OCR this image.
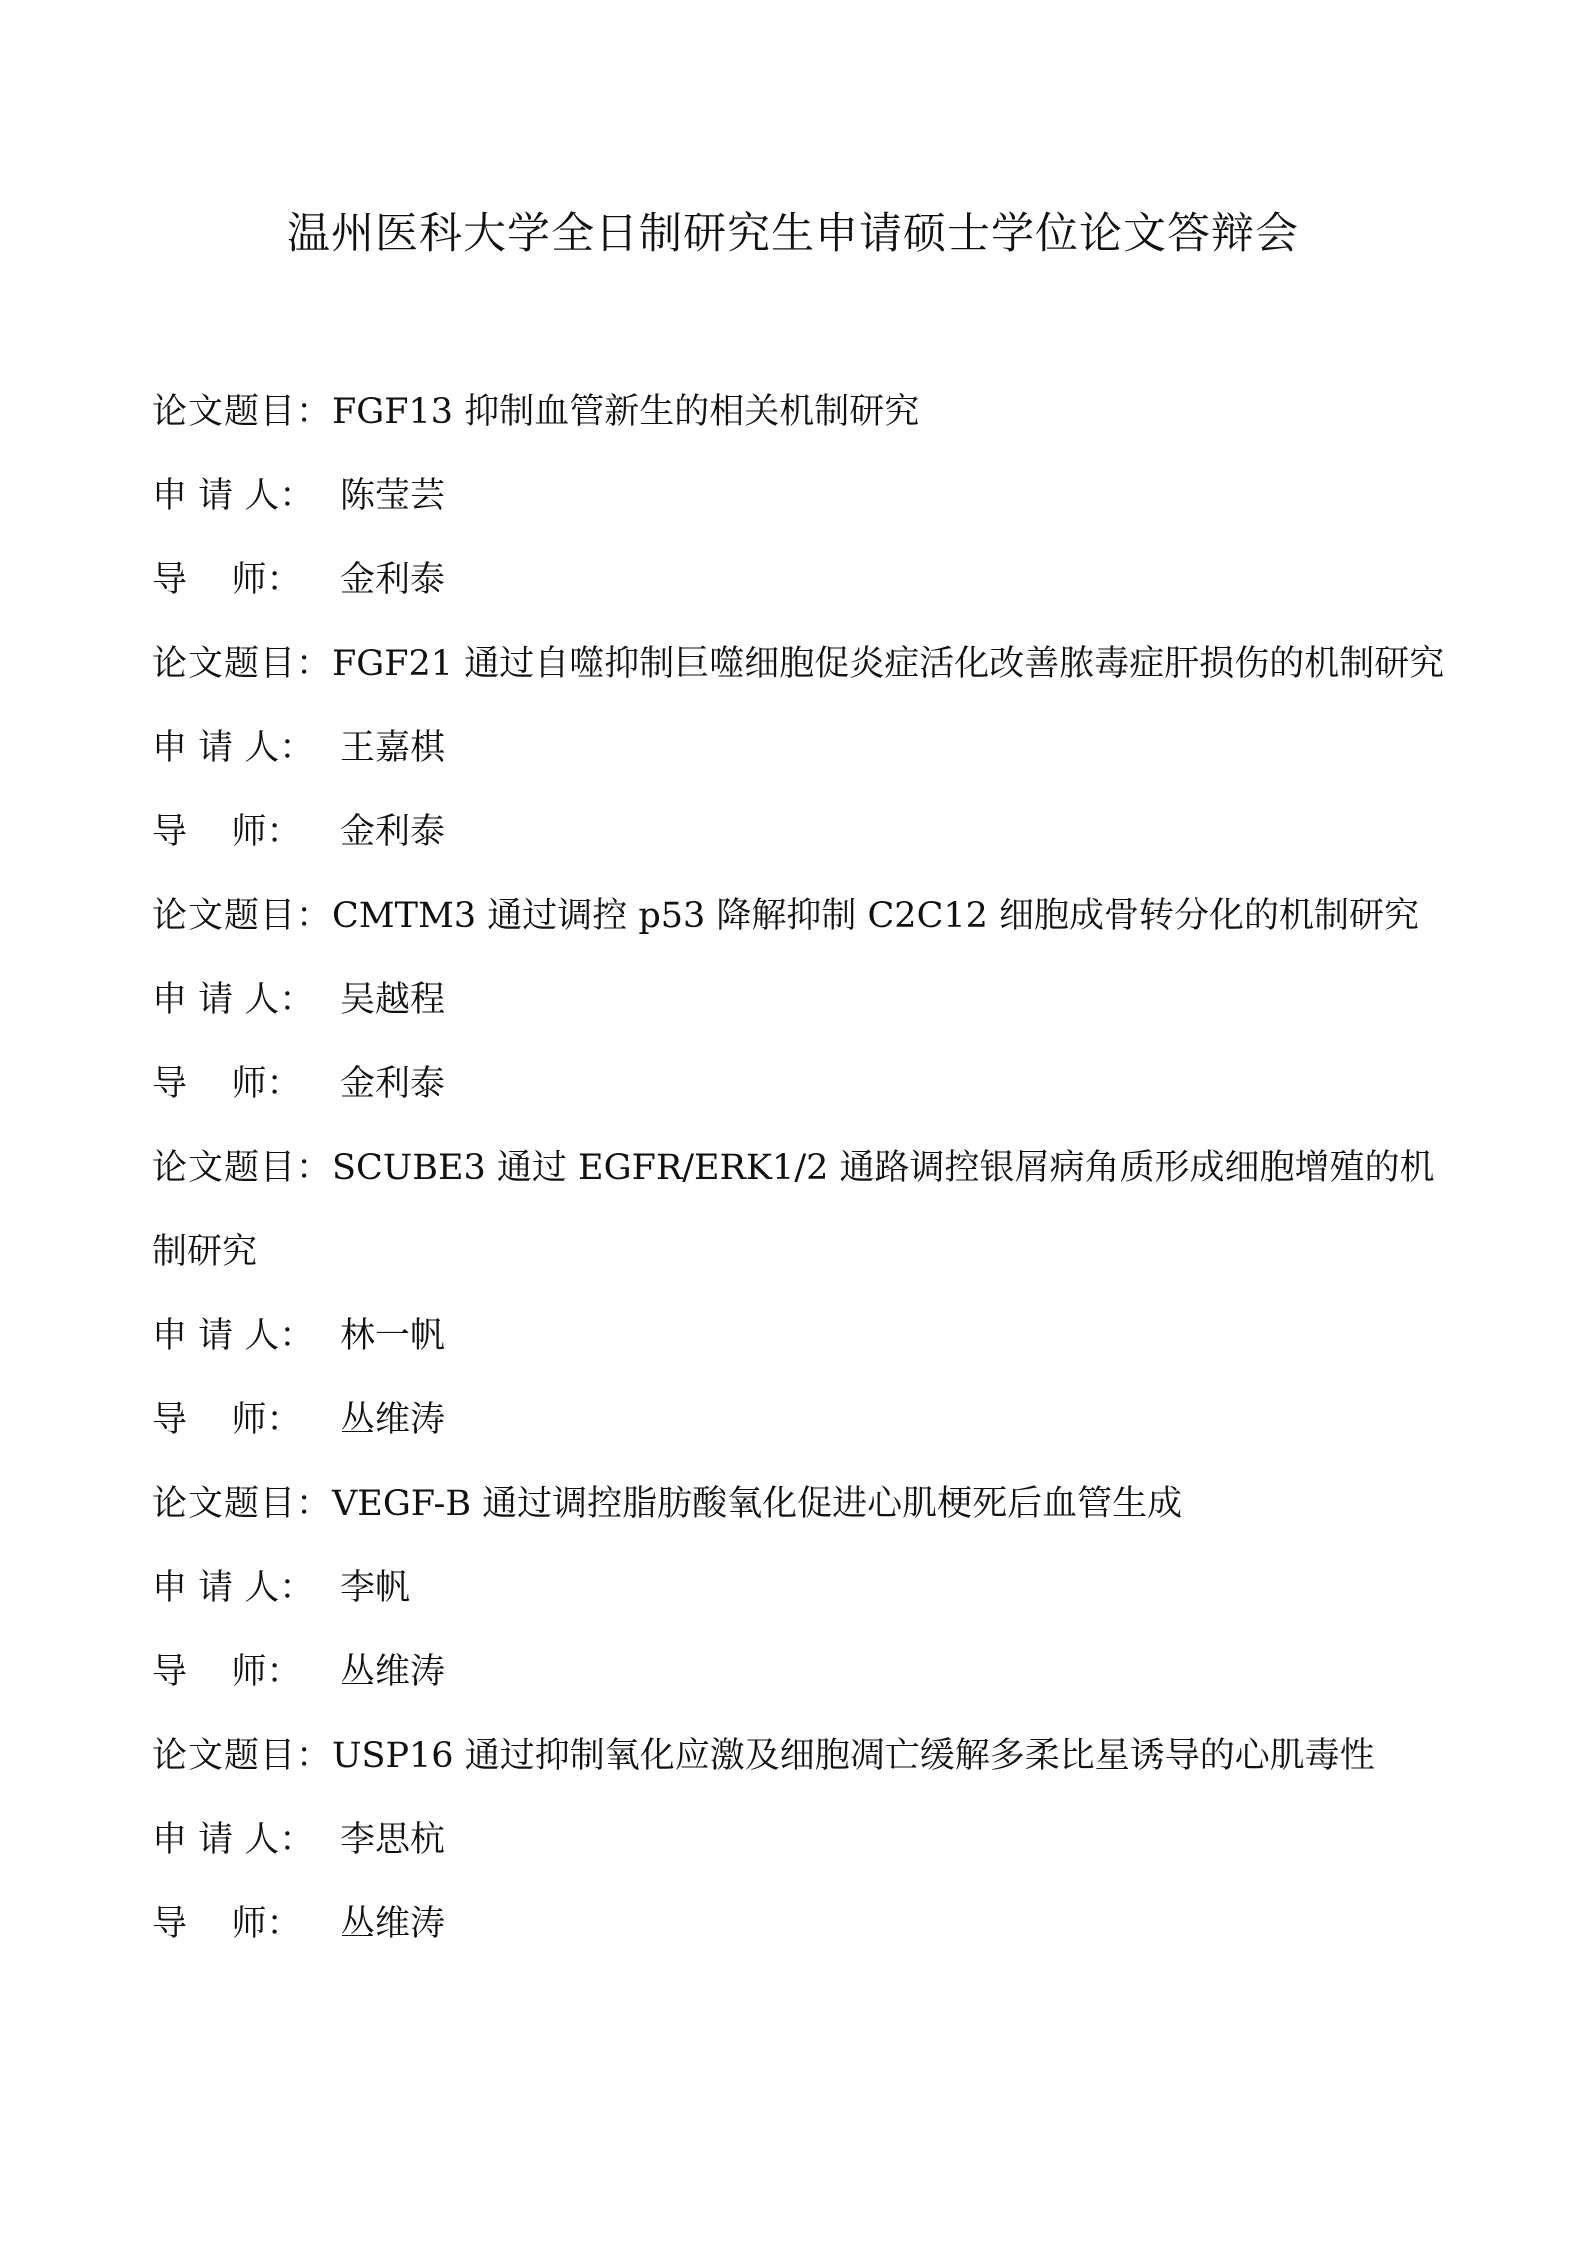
温州医科大学全日制研究生申请硕士学位论文答辩会
论文题目：FGF13 抑制血管新生的相关机制研究
申 请 人： 陈莹芸
导    师：	金利泰
论文题目：FGF21 通过自噬抑制巨噬细胞促炎症活化改善脓毒症肝损伤的机制研究
申 请 人： 王嘉棋
导    师：	金利泰
论文题目：CMTM3 通过调控 p53 降解抑制 C2C12 细胞成骨转分化的机制研究
申 请 人： 吴越程
导    师：	金利泰
论文题目：SCUBE3 通过 EGFR/ERK1/2 通路调控银屑病角质形成细胞增殖的机制研究
申 请 人： 林一帆
导    师：	丛维涛
论文题目：VEGF-B 通过调控脂肪酸氧化促进心肌梗死后血管生成
申 请 人： 李帆
导    师：	丛维涛
论文题目：USP16 通过抑制氧化应激及细胞凋亡缓解多柔比星诱导的心肌毒性
申 请 人： 李思杭
导    师：	丛维涛
